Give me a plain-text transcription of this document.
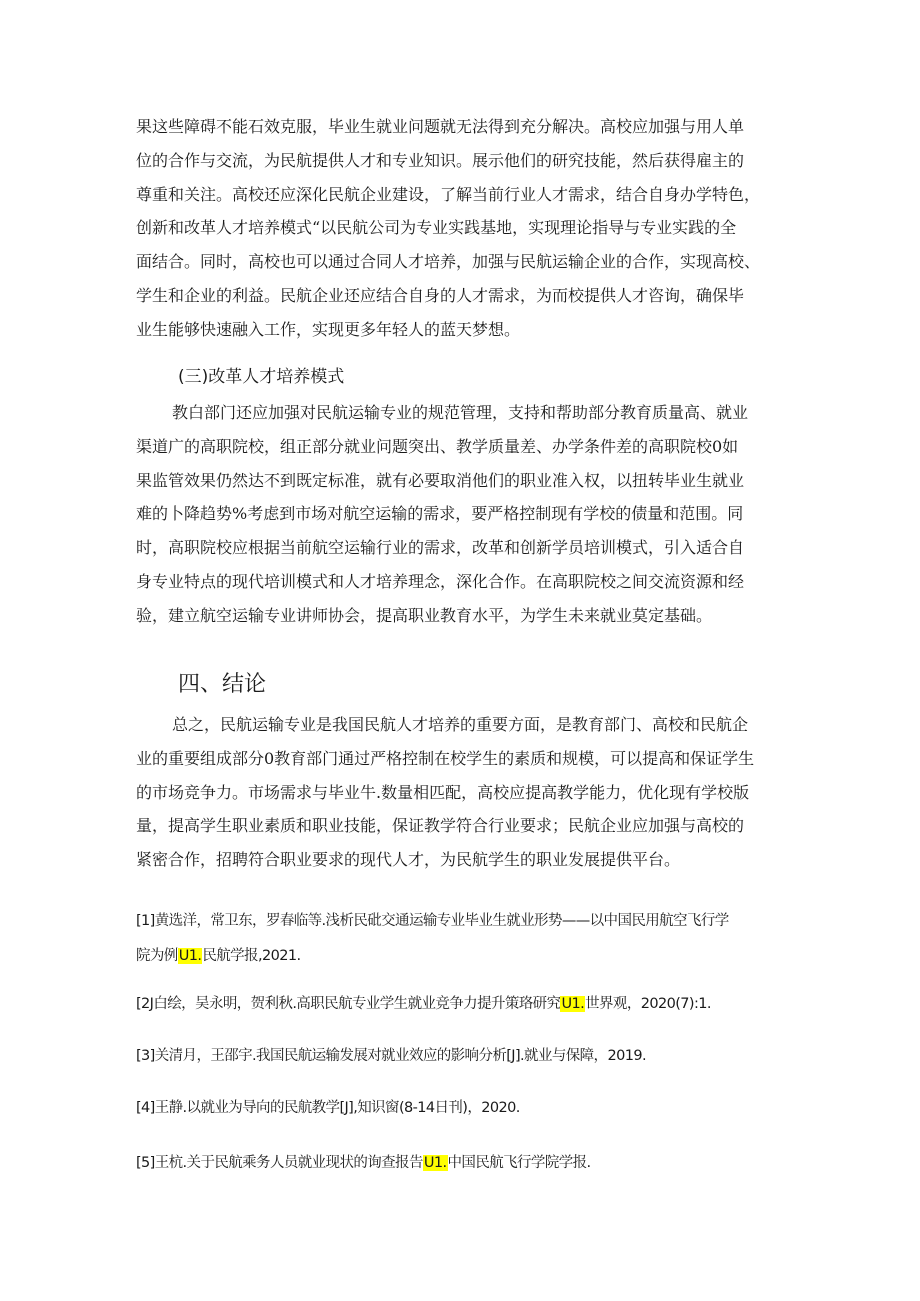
果这些障碍不能石效克服，毕业生就业问题就无法得到充分解决。高校应加强与用人单
位的合作与交流，为民航提供人才和专业知识。展示他们的研究技能，然后获得雇主的
尊重和关注。高校还应深化民航企业建设，了解当前行业人才需求，结合自身办学特色，
创新和改革人才培养模式“以民航公司为专业实践基地，实现理论指导与专业实践的全
面结合。同时，高校也可以通过合同人才培养，加强与民航运输企业的合作，实现高校、
学生和企业的利益。民航企业还应结合自身的人才需求，为而校提供人才咨询，确保毕
业生能够快速融入工作，实现更多年轻人的蓝天梦想。
(三)改革人才培养模式
教白部门还应加强对民航运输专业的规范管理，支持和帮助部分教育质量高、就业
渠道广的高职院校，组正部分就业问题突出、教学质量差、办学条件差的高职院校0如
果监管效果仍然达不到既定标准，就有必要取消他们的职业准入权，以扭转毕业生就业
难的卜降趋势%考虑到市场对航空运输的需求，要严格控制现有学校的债量和范围。同
时，高职院校应根据当前航空运输行业的需求，改革和创新学员培训模式，引入适合自
身专业特点的现代培训模式和人才培养理念，深化合作。在高职院校之间交流资源和经
验，建立航空运输专业讲师协会，提高职业教育水平，为学生未来就业莫定基础。
四、结论
总之，民航运输专业是我国民航人才培养的重要方面，是教育部门、高校和民航企
业的重要组成部分0教育部门通过严格控制在校学生的素质和规模，可以提高和保证学生
的市场竞争力。市场需求与毕业牛.数量相匹配，高校应提高教学能力，优化现有学校版
量，提高学生职业素质和职业技能，保证教学符合行业要求；民航企业应加强与高校的
紧密合作，招聘符合职业要求的现代人才，为民航学生的职业发展提供平台。

[1]黄选洋，常卫东，罗春临等.浅析民砒交通运输专业毕业生就业形势——以中国民用航空飞行学

院为例U1.民航学报,2021.

[2J白绘，吴永明，贺利秋.高职民航专业学生就业竞争力提升策珞研究U1.世界观，2020(7):1.

[3]关清月，王邵宇.我国民航运输发展对就业效应的影响分析[J].就业与保障，2019.

[4]王静.以就业为导向的民航教学[J],知识窗(8-14日刊)，2020.

[5]王杭.关于民航乘务人员就业现状的询查报告U1.中国民航飞行学院学报.
